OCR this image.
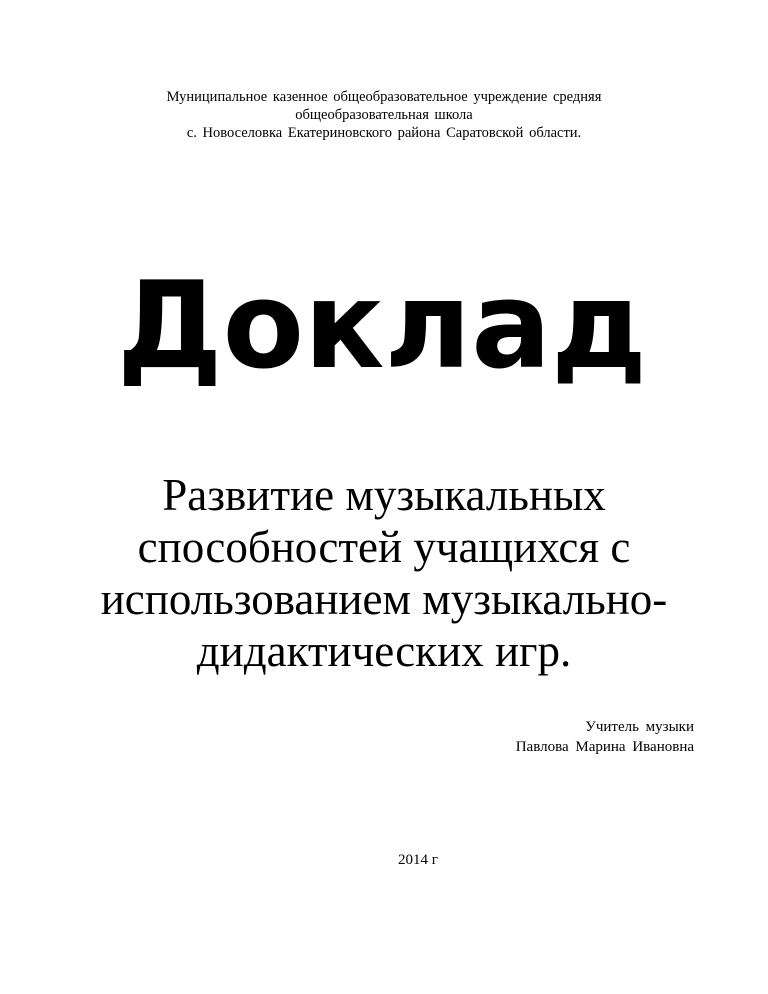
Муниципальное казенное общеобразовательное учреждение средняя
общеобразовательная школа
с. Новоселовка Екатериновского района Саратовской области.
Доклад
Развитие музыкальных
способностей учащихся с
использованием музыкально-
дидактических игр.
Учитель музыки
Павлова Марина Ивановна
2014 г
